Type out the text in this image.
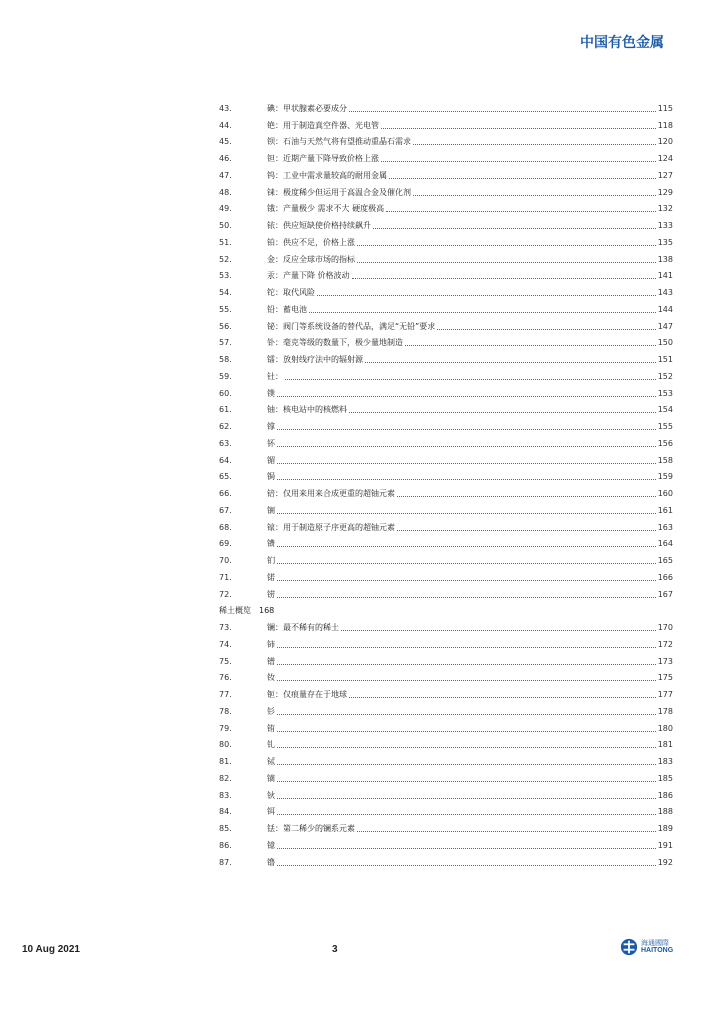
中国有色金属
43.	碘：甲状腺素必要成分	115
44.	铯：用于制造真空件器、光电管	118
45.	钡：石油与天然气将有望推动重晶石需求	120
46.	钽：近期产量下降导致价格上涨	124
47.	钨：工业中需求量较高的耐用金属	127
48.	铼：极度稀少但运用于高温合金及催化剂	129
49.	锇：产量极少 需求不大 硬度极高	132
50.	铱：供应短缺使价格持续飙升	133
51.	铂：供应不足，价格上涨	135
52.	金：反应全球市场的指标	138
53.	汞：产量下降 价格波动	141
54.	铊：取代风险	143
55.	铅：蓄电池	144
56.	铋：阀门等系统设备的替代品，满足“无铅”要求	147
57.	钋：毫克等级的数量下，极少量地制造	150
58.	镭：放射线疗法中的辐射源	151
59.	钍：	152
60.	镤	153
61.	铀：核电站中的核燃料	154
62.	镎	155
63.	钚	156
64.	镅	158
65.	锔	159
66.	锫：仅用来用来合成更重的超铀元素	160
67.	锎	161
68.	锿：用于制造原子序更高的超铀元素	163
69.	镄	164
70.	钔	165
71.	锘	166
72.	铹	167
稀土概览 168
73.	镧：最不稀有的稀土	170
74.	铈	172
75.	镨	173
76.	钕	175
77.	钷：仅痕量存在于地球	177
78.	钐	178
79.	铕	180
80.	钆	181
81.	铽	183
82.	镝	185
83.	钬	186
84.	铒	188
85.	铥：第二稀少的镧系元素	189
86.	镱	191
87.	镥	192
10 Aug 2021	3
海通國際
HAITONG
